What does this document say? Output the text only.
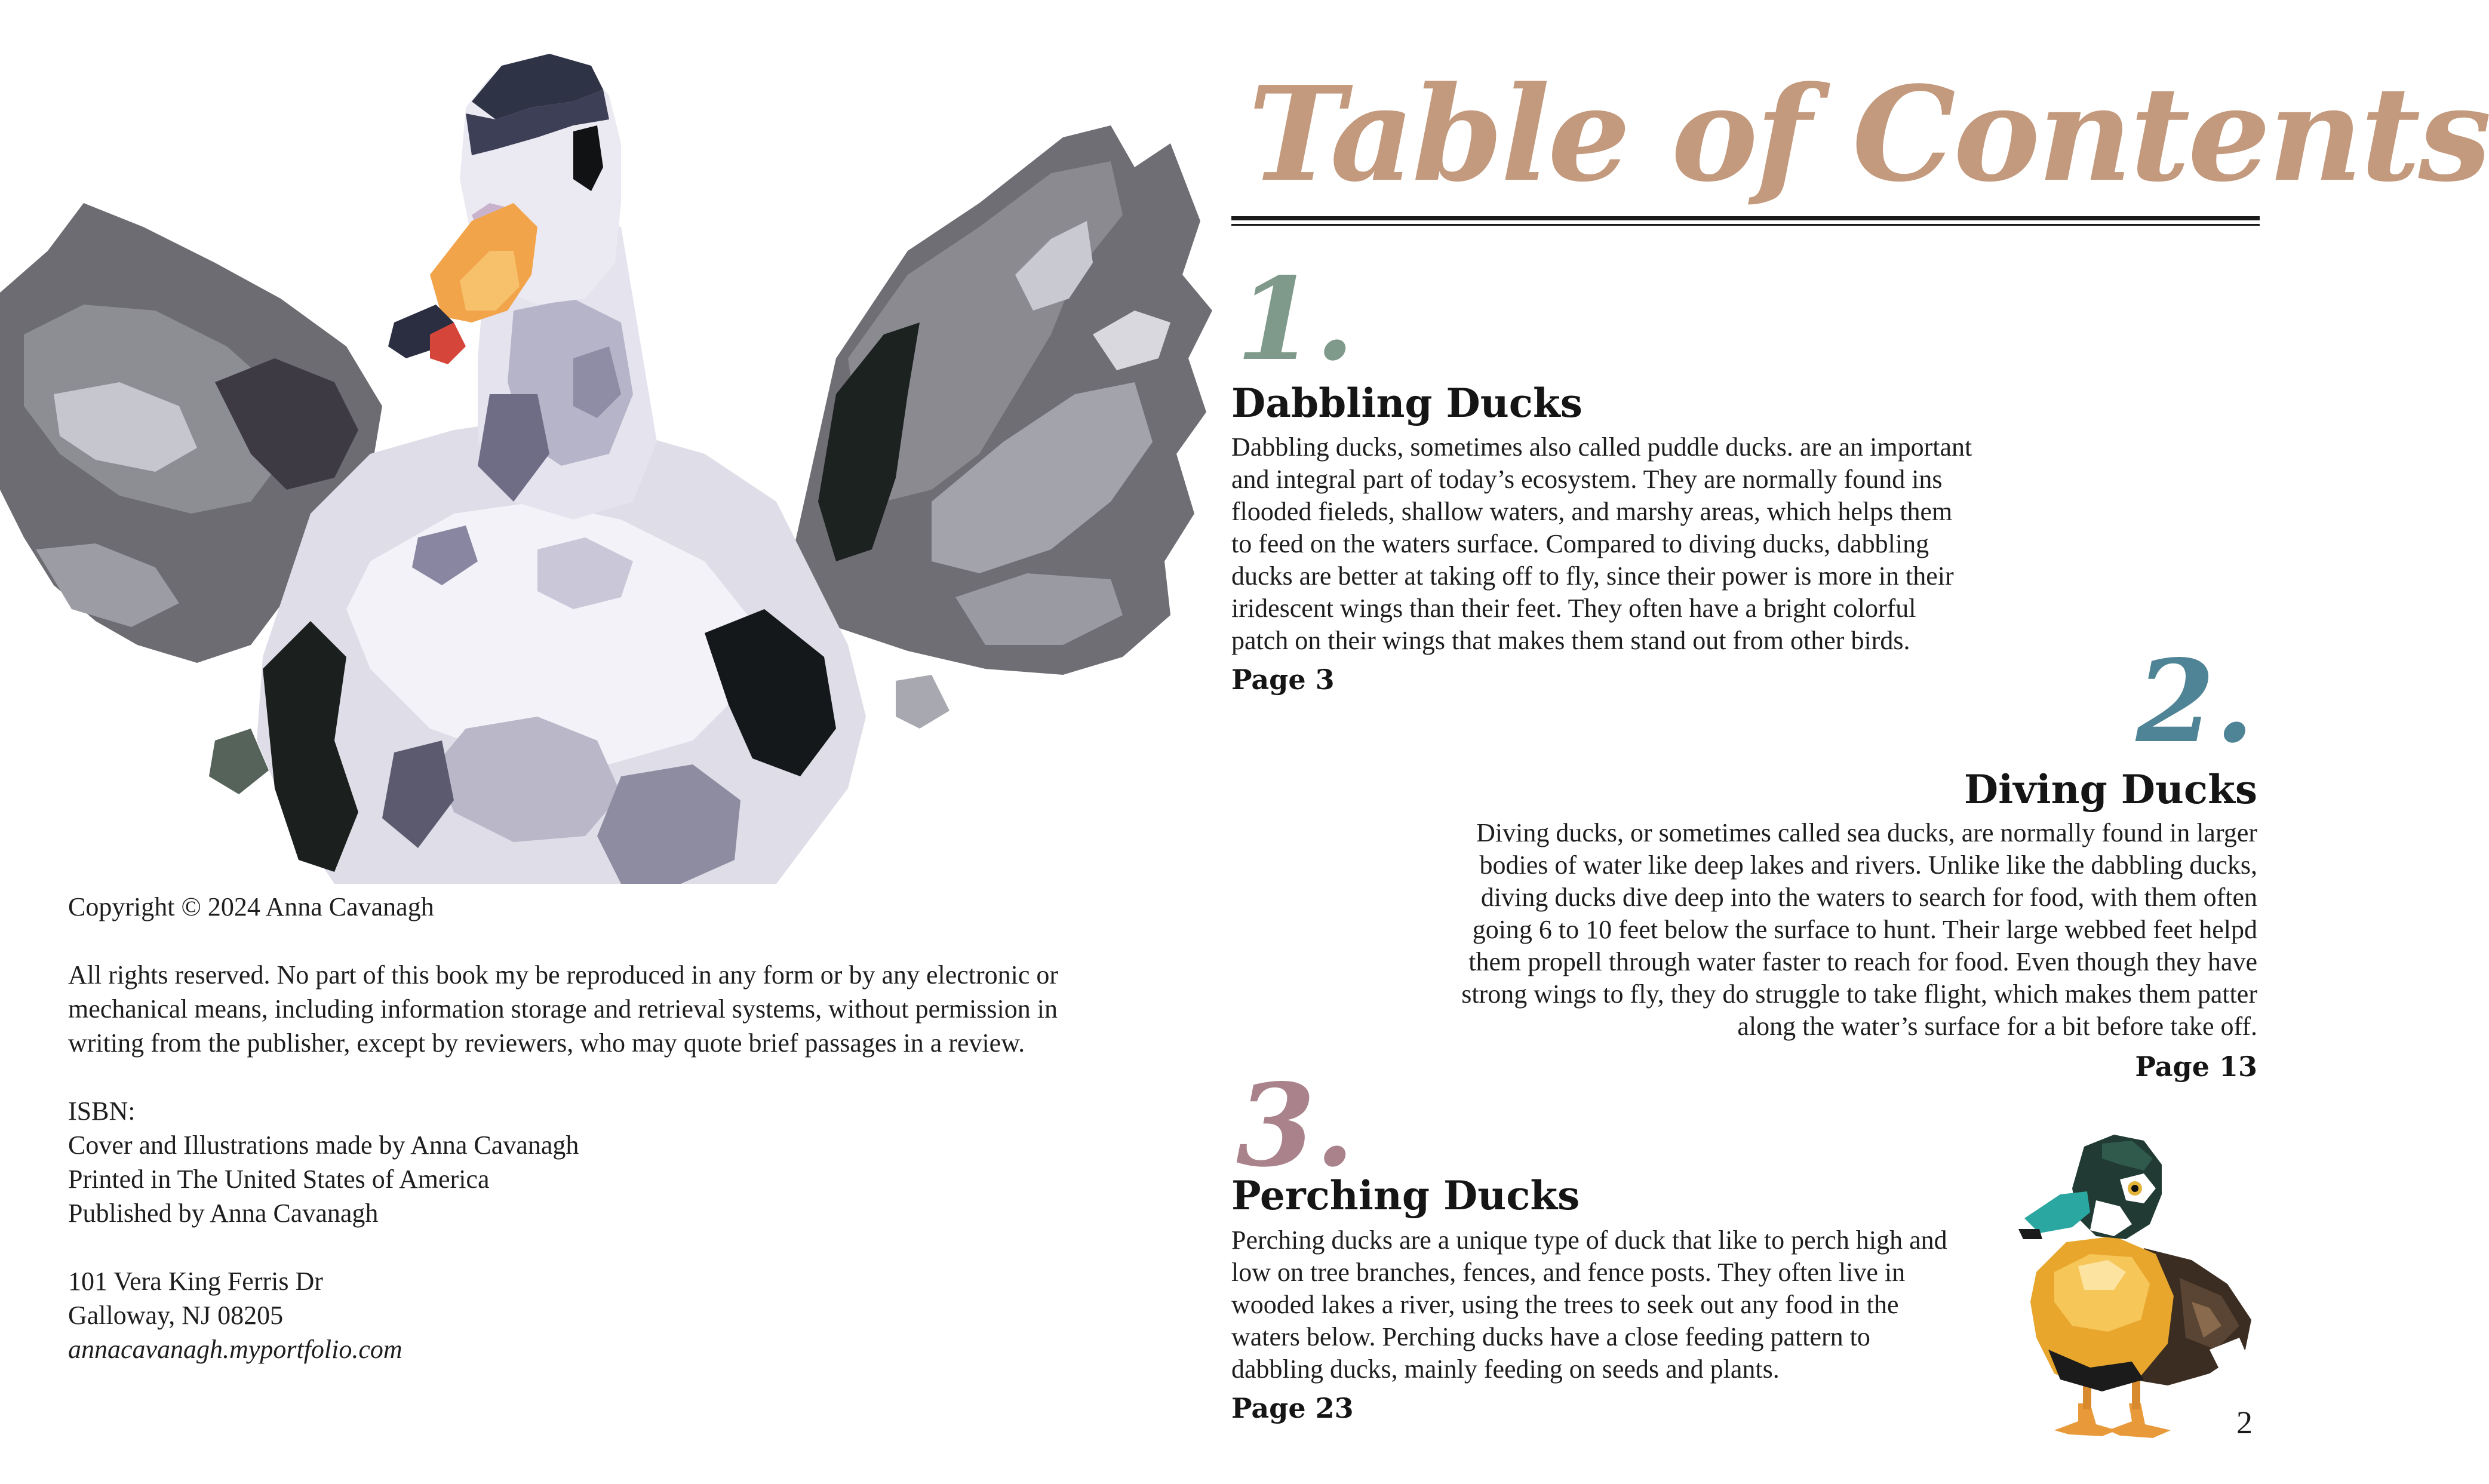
Copyright © 2024 Anna Cavanagh

All rights reserved. No part of this book my be reproduced in any form or by any electronic or mechanical means, including information storage and retrieval systems, without permission in writing from the publisher, except by reviewers, who may quote brief passages in a review.

ISBN:

Cover and Illustrations made by Anna Cavanagh

Printed in The United States of America

Published by Anna Cavanagh

101 Vera King Ferris Dr

Galloway, NJ 08205

annacavanagh.myportfolio.com

Table of Contents
1.
Dabbling Ducks
Dabbling ducks, sometimes also called puddle ducks. are an important and integral part of today’s ecosystem. They are normally found ins flooded fieleds, shallow waters, and marshy areas, which helps them to feed on the waters surface. Compared to diving ducks, dabbling ducks are better at taking off to fly, since their power is more in their iridescent wings than their feet. They often have a bright colorful patch on their wings that makes them stand out from other birds.
Page 3	2.
Diving Ducks
Diving ducks, or sometimes called sea ducks, are normally found in larger bodies of water like deep lakes and rivers. Unlike like the dabbling ducks, diving ducks dive deep into the waters to search for food, with them often going 6 to 10 feet below the surface to hunt. Their large webbed feet helpd them propell through water faster to reach for food. Even though they have strong wings to fly, they do struggle to take flight, which makes them patter along the water’s surface for a bit before take off.
Page 13
3.
Perching Ducks
Perching ducks are a unique type of duck that like to perch high and low on tree branches, fences, and fence posts. They often live in wooded lakes a river, using the trees to seek out any food in the waters below. Perching ducks have a close feeding pattern to dabbling ducks, mainly feeding on seeds and plants.
Page 23	2
